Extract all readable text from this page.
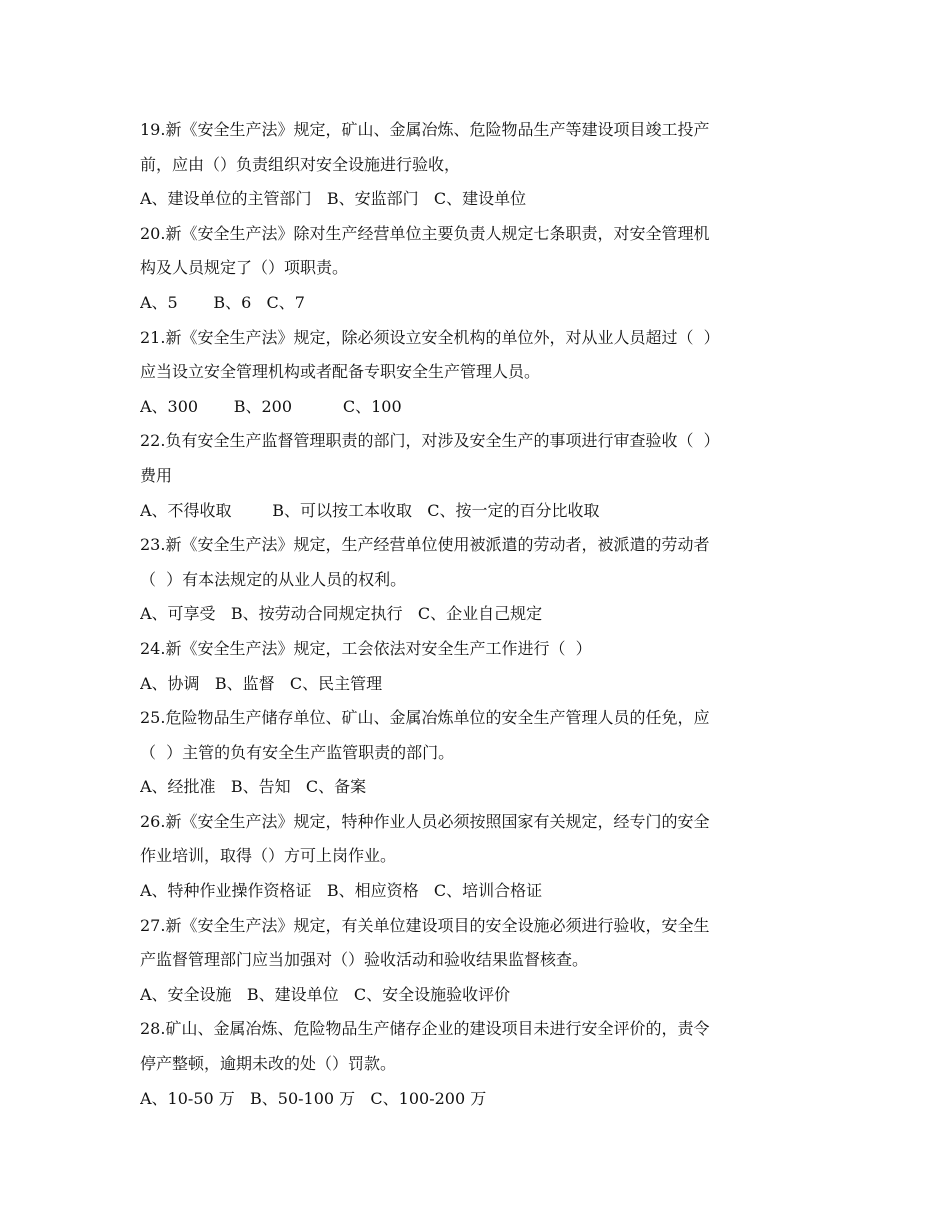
19.新《安全生产法》规定，矿山、金属冶炼、危险物品生产等建设项目竣工投产
前，应由（）负责组织对安全设施进行验收，
A、建设单位的主管部门   B、安监部门   C、建设单位
20.新《安全生产法》除对生产经营单位主要负责人规定七条职责，对安全管理机
构及人员规定了（）项职责。
A、5       B、6   C、7
21.新《安全生产法》规定，除必须设立安全机构的单位外，对从业人员超过（  ）
应当设立安全管理机构或者配备专职安全生产管理人员。
A、300       B、200          C、100
22.负有安全生产监督管理职责的部门，对涉及安全生产的事项进行审查验收（  ）
费用
A、不得收取        B、可以按工本收取   C、按一定的百分比收取
23.新《安全生产法》规定，生产经营单位使用被派遣的劳动者，被派遣的劳动者
（  ）有本法规定的从业人员的权利。
A、可享受   B、按劳动合同规定执行   C、企业自己规定
24.新《安全生产法》规定，工会依法对安全生产工作进行（  ）
A、协调   B、监督   C、民主管理
25.危险物品生产储存单位、矿山、金属冶炼单位的安全生产管理人员的任免，应
（  ）主管的负有安全生产监管职责的部门。
A、经批准   B、告知   C、备案
26.新《安全生产法》规定，特种作业人员必须按照国家有关规定，经专门的安全
作业培训，取得（）方可上岗作业。
A、特种作业操作资格证   B、相应资格   C、培训合格证
27.新《安全生产法》规定，有关单位建设项目的安全设施必须进行验收，安全生
产监督管理部门应当加强对（）验收活动和验收结果监督核查。
A、安全设施   B、建设单位   C、安全设施验收评价
28.矿山、金属冶炼、危险物品生产储存企业的建设项目未进行安全评价的，责令
停产整顿，逾期未改的处（）罚款。
A、10-50 万   B、50-100 万   C、100-200 万
